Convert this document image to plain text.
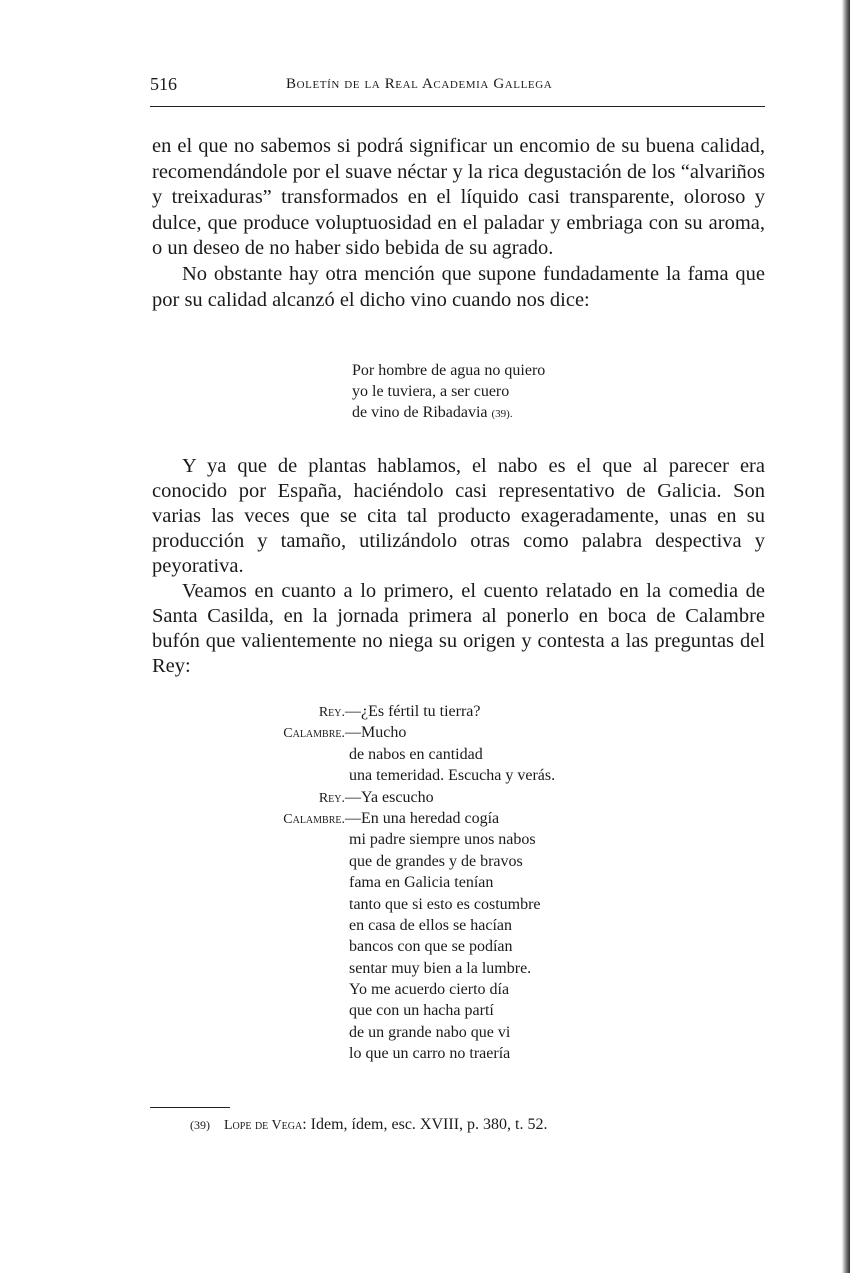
516	Boletín de la Real Academia Gallega

en el que no sabemos si podrá significar un encomio de su buena calidad, recomendándole por el suave néctar y la rica degustación de los “alvariños y treixaduras” transformados en el líquido casi transparente, oloroso y dulce, que produce voluptuosidad en el paladar y embriaga con su aroma, o un deseo de no haber sido bebida de su agrado.

No obstante hay otra mención que supone fundadamente la fama que por su calidad alcanzó el dicho vino cuando nos dice:

Por hombre de agua no quiero
yo le tuviera, a ser cuero
de vino de Ribadavia (39).

Y ya que de plantas hablamos, el nabo es el que al parecer era conocido por España, haciéndolo casi representativo de Galicia. Son varias las veces que se cita tal producto exageradamente, unas en su producción y tamaño, utilizándolo otras como palabra despectiva y peyorativa.

Veamos en cuanto a lo primero, el cuento relatado en la comedia de Santa Casilda, en la jornada primera al ponerlo en boca de Calambre bufón que valientemente no niega su origen y contesta a las preguntas del Rey:

Rey. —¿Es fértil tu tierra?
Calambre. —Mucho
de nabos en cantidad
una temeridad. Escucha y verás.
Rey. —Ya escucho
Calambre. —En una heredad cogía
mi padre siempre unos nabos
que de grandes y de bravos
fama en Galicia tenían
tanto que si esto es costumbre
en casa de ellos se hacían
bancos con que se podían
sentar muy bien a la lumbre.
Yo me acuerdo cierto día
que con un hacha partí
de un grande nabo que vi
lo que un carro no traería
(39) Lope de Vega: Idem, ídem, esc. XVIII, p. 380, t. 52.
